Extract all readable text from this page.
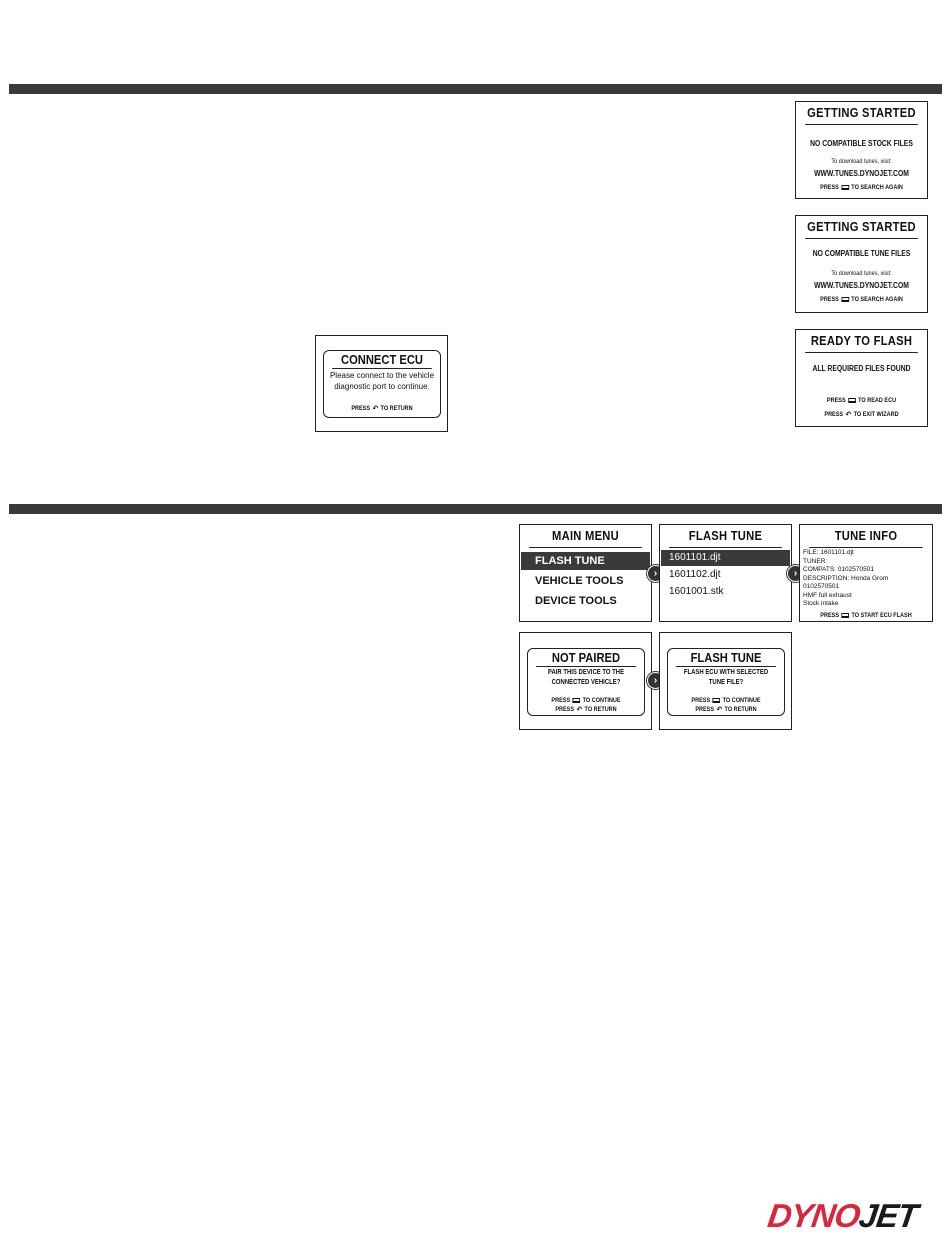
GETTING STARTED
NO COMPATIBLE STOCK FILES
To download tunes, visit:
WWW.TUNES.DYNOJET.COM
PRESS TO SEARCH AGAIN
GETTING STARTED
NO COMPATIBLE TUNE FILES
To download tunes, visit:
WWW.TUNES.DYNOJET.COM
PRESS TO SEARCH AGAIN
CONNECT ECU
Please connect to the vehicle
diagnostic port to continue.
PRESS ↶ TO RETURN
READY TO FLASH
ALL REQUIRED FILES FOUND
PRESS TO READ ECU
PRESS ↶ TO EXIT WIZARD
MAIN MENU
FLASH TUNE
VEHICLE TOOLS
DEVICE TOOLS
›
FLASH TUNE
1601101.djt
1601102.djt
1601001.stk
›
TUNE INFO
FILE: 1601101.djt
TUNER:
COMPATS: 0102570501
DESCRIPTION: Honda Grom
0102570501
HMF full exhaust
Stock intake
PRESS TO START ECU FLASH
NOT PAIRED
PAIR THIS DEVICE TO THE
CONNECTED VEHICLE?
PRESS TO CONTINUE
PRESS ↶ TO RETURN
›
FLASH TUNE
FLASH ECU WITH SELECTED
TUNE FILE?
PRESS TO CONTINUE
PRESS ↶ TO RETURN
DYNOJET
